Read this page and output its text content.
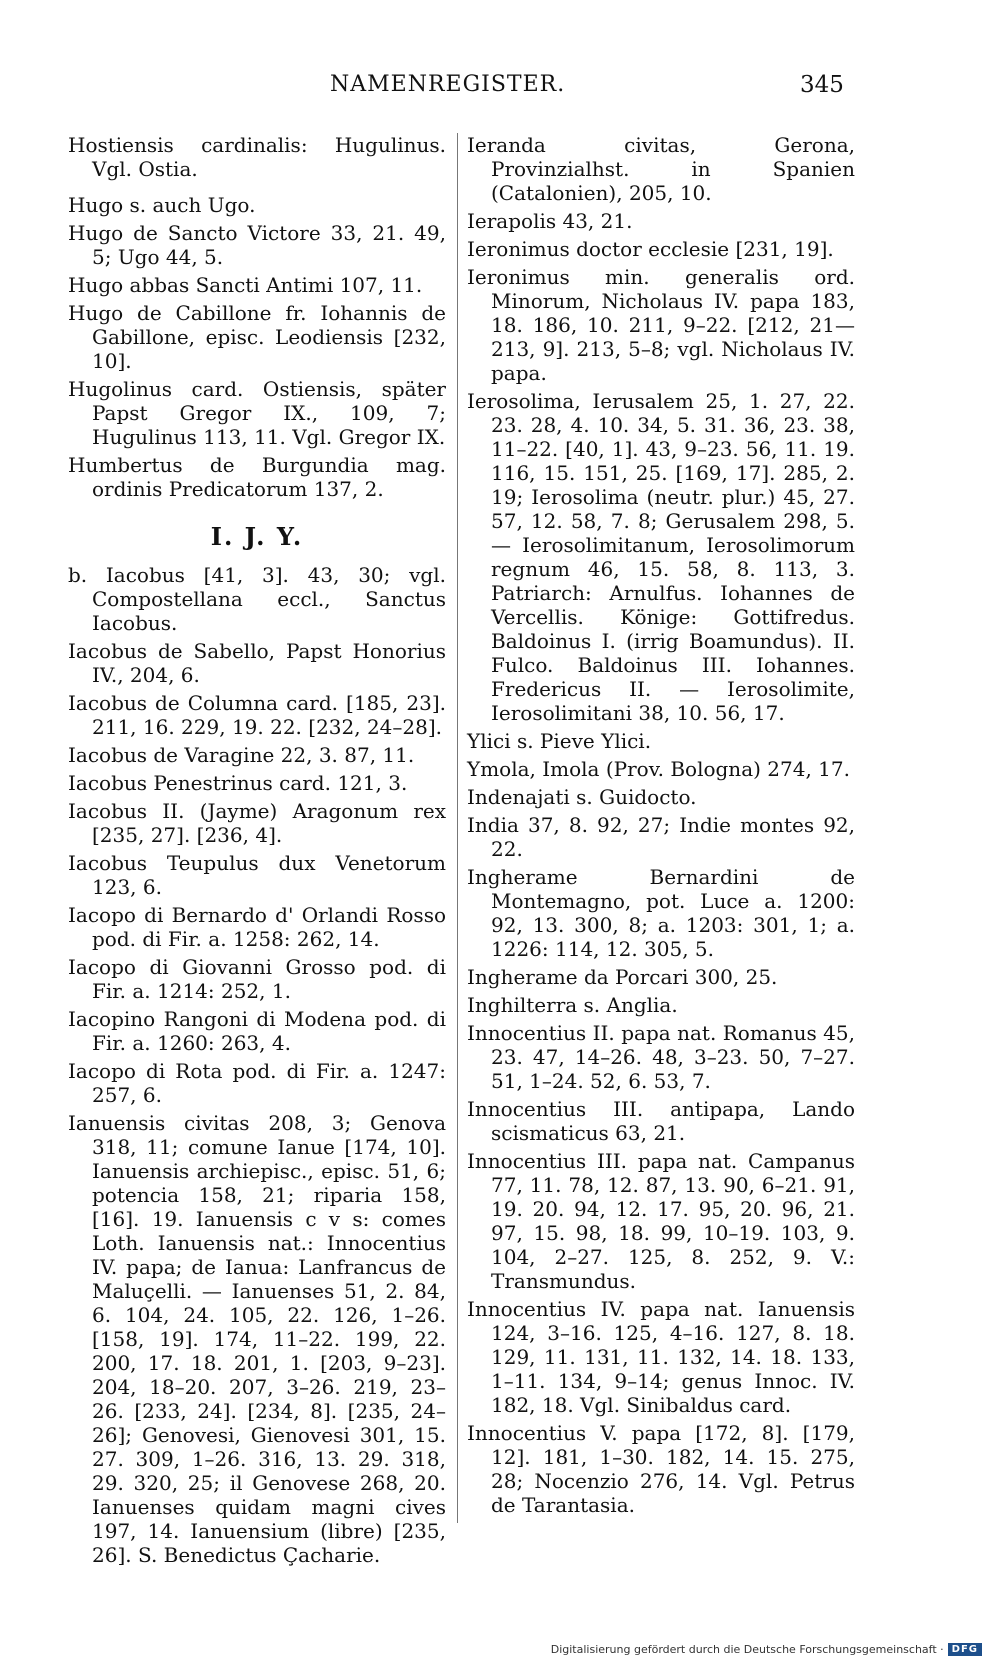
NAMENREGISTER.	345

Hostiensis cardinalis: Hugulinus. Vgl. Ostia.

Hugo s. auch Ugo.

Hugo de Sancto Victore 33, 21. 49, 5; Ugo 44, 5.

Hugo abbas Sancti Antimi 107, 11.

Hugo de Cabillone fr. Iohannis de Gabillone, episc. Leodiensis [232, 10].

Hugolinus card. Ostiensis, später Papst Gregor IX., 109, 7; Hugulinus 113, 11. Vgl. Gregor IX.

Humbertus de Burgundia mag. ordinis Predicatorum 137, 2.

I. J. Y.

b. Iacobus [41, 3]. 43, 30; vgl. Compostellana eccl., Sanctus Iacobus.

Iacobus de Sabello, Papst Honorius IV., 204, 6.

Iacobus de Columna card. [185, 23]. 211, 16. 229, 19. 22. [232, 24–28].

Iacobus de Varagine 22, 3. 87, 11.

Iacobus Penestrinus card. 121, 3.

Iacobus II. (Jayme) Aragonum rex [235, 27]. [236, 4].

Iacobus Teupulus dux Venetorum 123, 6.

Iacopo di Bernardo d' Orlandi Rosso pod. di Fir. a. 1258: 262, 14.

Iacopo di Giovanni Grosso pod. di Fir. a. 1214: 252, 1.

Iacopino Rangoni di Modena pod. di Fir. a. 1260: 263, 4.

Iacopo di Rota pod. di Fir. a. 1247: 257, 6.

Ianuensis civitas 208, 3; Genova 318, 11; comune Ianue [174, 10]. Ianuensis archiepisc., episc. 51, 6; potencia 158, 21; riparia 158, [16]. 19. Ianuensis c v s: comes Loth. Ianuensis nat.: Innocentius IV. papa; de Ianua: Lanfrancus de Maluçelli. — Ianuenses 51, 2. 84, 6. 104, 24. 105, 22. 126, 1–26. [158, 19]. 174, 11–22. 199, 22. 200, 17. 18. 201, 1. [203, 9–23]. 204, 18–20. 207, 3–26. 219, 23–26. [233, 24]. [234, 8]. [235, 24–26]; Genovesi, Gienovesi 301, 15. 27. 309, 1–26. 316, 13. 29. 318, 29. 320, 25; il Genovese 268, 20. Ianuenses quidam magni cives 197, 14. Ianuensium (libre) [235, 26]. S. Benedictus Çacharie.

Ieranda civitas, Gerona, Provinzialhst. in Spanien (Catalonien), 205, 10.

Ierapolis 43, 21.

Ieronimus doctor ecclesie [231, 19].

Ieronimus min. generalis ord. Minorum, Nicholaus IV. papa 183, 18. 186, 10. 211, 9–22. [212, 21— 213, 9]. 213, 5–8; vgl. Nicholaus IV. papa.

Ierosolima, Ierusalem 25, 1. 27, 22. 23. 28, 4. 10. 34, 5. 31. 36, 23. 38, 11–22. [40, 1]. 43, 9–23. 56, 11. 19. 116, 15. 151, 25. [169, 17]. 285, 2. 19; Ierosolima (neutr. plur.) 45, 27. 57, 12. 58, 7. 8; Gerusalem 298, 5. — Ierosolimitanum, Ierosolimorum regnum 46, 15. 58, 8. 113, 3. Patriarch: Arnulfus. Iohannes de Vercellis. Könige: Gottifredus. Baldoinus I. (irrig Boamundus). II. Fulco. Baldoinus III. Iohannes. Fredericus II. — Ierosolimite, Ierosolimitani 38, 10. 56, 17.

Ylici s. Pieve Ylici.

Ymola, Imola (Prov. Bologna) 274, 17.

Indenajati s. Guidocto.

India 37, 8. 92, 27; Indie montes 92, 22.

Ingherame Bernardini de Montemagno, pot. Luce a. 1200: 92, 13. 300, 8; a. 1203: 301, 1; a. 1226: 114, 12. 305, 5.

Ingherame da Porcari 300, 25.

Inghilterra s. Anglia.

Innocentius II. papa nat. Romanus 45, 23. 47, 14–26. 48, 3–23. 50, 7–27. 51, 1–24. 52, 6. 53, 7.

Innocentius III. antipapa, Lando scismaticus 63, 21.

Innocentius III. papa nat. Campanus 77, 11. 78, 12. 87, 13. 90, 6–21. 91, 19. 20. 94, 12. 17. 95, 20. 96, 21. 97, 15. 98, 18. 99, 10–19. 103, 9. 104, 2–27. 125, 8. 252, 9. V.: Transmundus.

Innocentius IV. papa nat. Ianuensis 124, 3–16. 125, 4–16. 127, 8. 18. 129, 11. 131, 11. 132, 14. 18. 133, 1–11. 134, 9–14; genus Innoc. IV. 182, 18. Vgl. Sinibaldus card.

Innocentius V. papa [172, 8]. [179, 12]. 181, 1–30. 182, 14. 15. 275, 28; Nocenzio 276, 14. Vgl. Petrus de Tarantasia.

Digitalisierung gefördert durch die Deutsche Forschungsgemeinschaft · DFG
